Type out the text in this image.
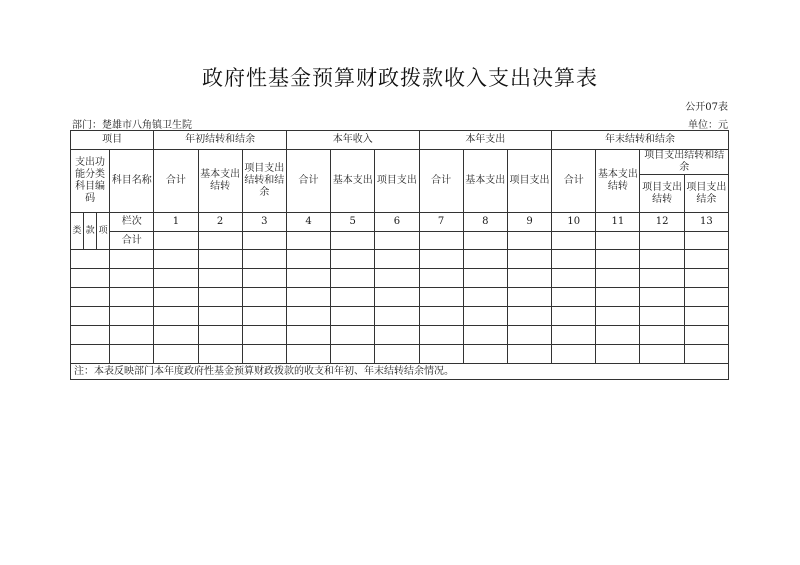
政府性基金预算财政拨款收入支出决算表
公开07表
部门：楚雄市八角镇卫生院	单位：元
项目				年初结转和结余			本年收入			本年支出			年末结转和结余			
支出功能分类科目编码			科目名称	合计	基本支出结转	项目支出结转和结余	合计	基本支出	项目支出	合计	基本支出	项目支出	合计	基本支出结转	项目支出结转和结余	
															项目支出结转	项目支出结余
类	款	项	栏次	1	2	3	4	5	6	7	8	9	10	11	12	13
			合计													

注：本表反映部门本年度政府性基金预算财政拨款的收支和年初、年末结转结余情况。
